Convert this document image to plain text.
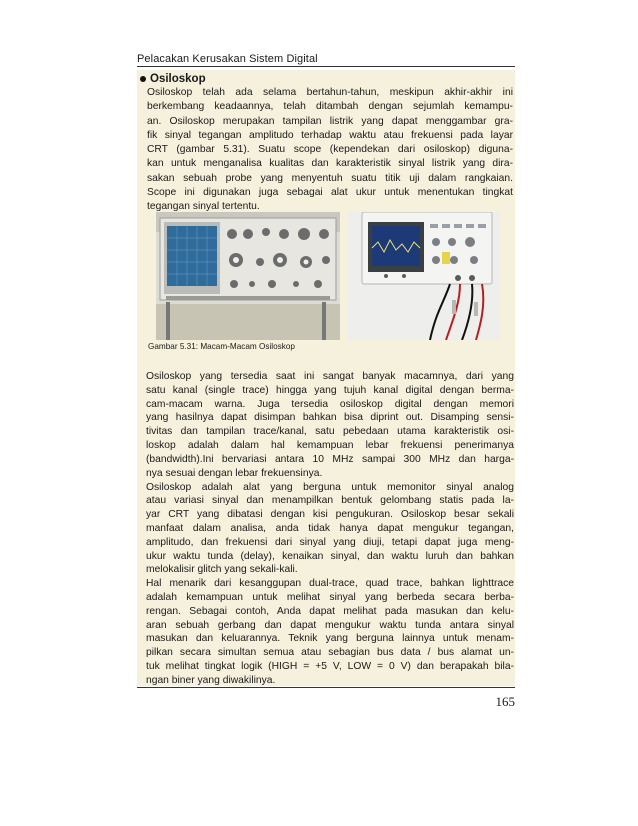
Pelacakan Kerusakan Sistem Digital
Osiloskop
Osiloskop telah ada selama bertahun-tahun, meskipun akhir-akhir ini
berkembang keadaannya, telah ditambah dengan sejumlah kemampu-
an. Osiloskop merupakan tampilan listrik yang dapat menggambar gra-
fik sinyal tegangan amplitudo terhadap waktu atau frekuensi pada layar
CRT (gambar 5.31). Suatu scope (kependekan dari osiloskop) diguna-
kan untuk menganalisa kualitas dan karakteristik sinyal listrik yang dira-
sakan sebuah probe yang menyentuh suatu titik uji dalam rangkaian.
Scope ini digunakan juga sebagai alat ukur untuk menentukan tingkat
tegangan sinyal tertentu.
Gambar 5.31: Macam-Macam Osiloskop
Osiloskop yang tersedia saat ini sangat banyak macamnya, dari yang
satu kanal (single trace) hingga yang tujuh kanal digital dengan berma-
cam-macam warna. Juga tersedia osiloskop digital dengan memori
yang hasilnya dapat disimpan bahkan bisa diprint out. Disamping sensi-
tivitas dan tampilan trace/kanal, satu pebedaan utama karakteristik osi-
loskop adalah dalam hal kemampuan lebar frekuensi penerimanya
(bandwidth).Ini bervariasi antara 10 MHz sampai 300 MHz dan harga-
nya sesuai dengan lebar frekuensinya.
Osiloskop adalah alat yang berguna untuk memonitor sinyal analog
atau variasi sinyal dan menampilkan bentuk gelombang statis pada la-
yar CRT yang dibatasi dengan kisi pengukuran. Osiloskop besar sekali
manfaat dalam analisa, anda tidak hanya dapat mengukur tegangan,
amplitudo, dan frekuensi dari sinyal yang diuji, tetapi dapat juga meng-
ukur waktu tunda (delay), kenaikan sinyal, dan waktu luruh dan bahkan
melokalisir glitch yang sekali-kali.
Hal menarik dari kesanggupan dual-trace, quad trace, bahkan lighttrace
adalah kemampuan untuk melihat sinyal yang berbeda secara berba-
rengan. Sebagai contoh, Anda dapat melihat pada masukan dan kelu-
aran sebuah gerbang dan dapat mengukur waktu tunda antara sinyal
masukan dan keluarannya. Teknik yang berguna lainnya untuk menam-
pilkan secara simultan semua atau sebagian bus data / bus alamat un-
tuk melihat tingkat logik (HIGH = +5 V, LOW = 0 V) dan berapakah bila-
ngan biner yang diwakilinya.
165
